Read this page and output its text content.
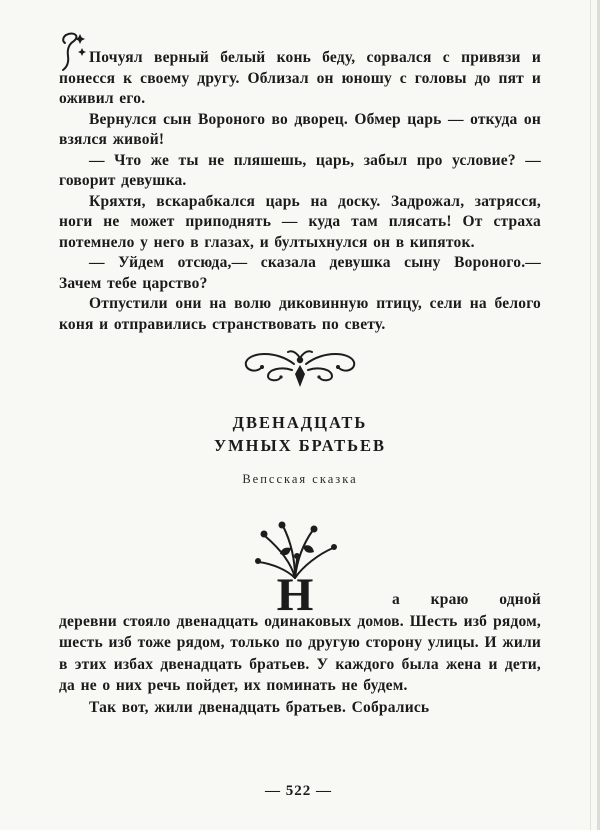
Почуял верный белый конь беду, сорвался с привязи и понесся к своему другу. Облизал он юношу с головы до пят и оживил его.

Вернулся сын Вороного во дворец. Обмер царь — откуда он взялся живой!

— Что же ты не пляшешь, царь, забыл про условие? — говорит девушка.

Кряхтя, вскарабкался царь на доску. Задрожал, затрясся, ноги не может приподнять — куда там плясать! От страха потемнело у него в глазах, и бултыхнулся он в кипяток.

— Уйдем отсюда,— сказала девушка сыну Вороного.— Зачем тебе царство?

Отпустили они на волю диковинную птицу, сели на белого коня и отправились странствовать по свету.

ДВЕНАДЦАТЬ
УМНЫХ БРАТЬЕВ
Вепсская сказка
Н	а краю одной деревни стояло двенадцать одинаковых домов. Шесть изб рядом, шесть изб тоже рядом, только по другую сторону улицы. И жили в этих избах двенадцать братьев. У каждого была жена и дети, да не о них речь пойдет, их поминать не будем.

Так вот, жили двенадцать братьев. Собрались

— 522 —
